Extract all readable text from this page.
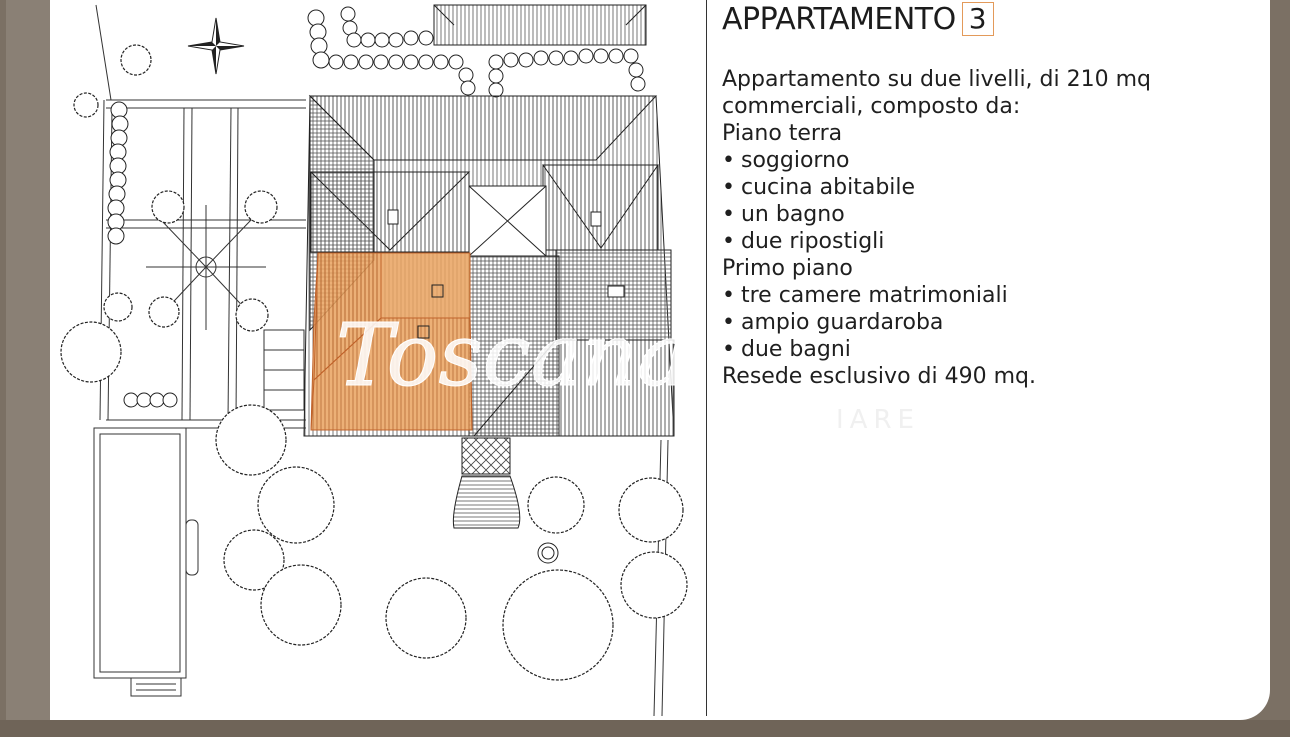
APPARTAMENTO 3
Appartamento su due livelli, di 210 mq
commerciali, composto da:
Piano terra
• soggiorno
• cucina abitabile
• un bagno
• due ripostigli
Primo piano
• tre camere matrimoniali
• ampio guardaroba
• due bagni
Resede esclusivo di 490 mq.
Toscana
IARE
